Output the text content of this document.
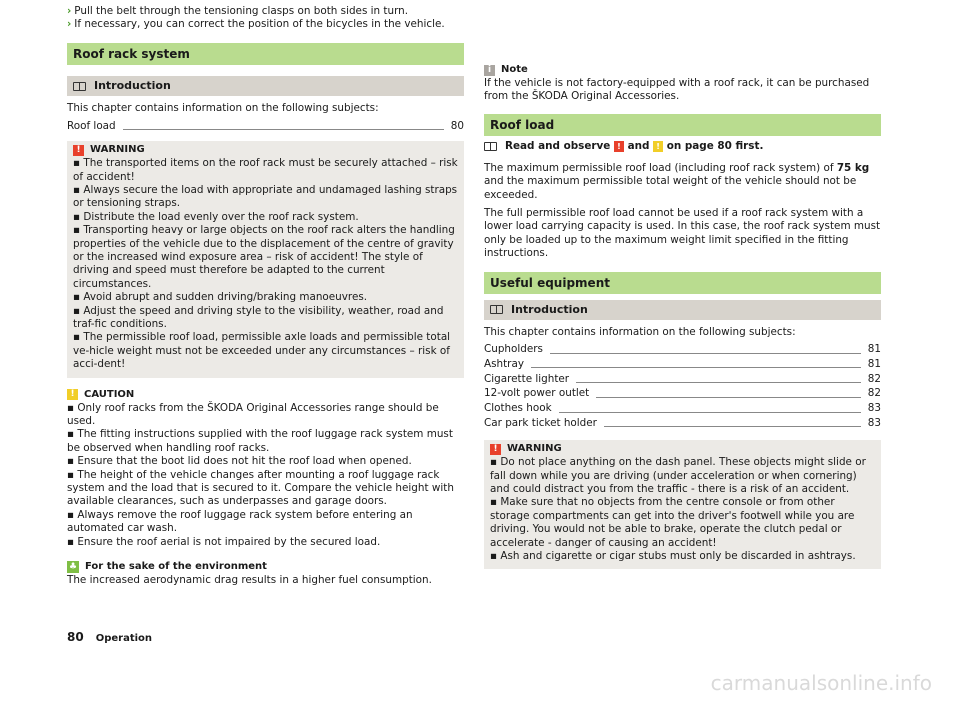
› Pull the belt through the tensioning clasps on both sides in turn.
› If necessary, you can correct the position of the bicycles in the vehicle.
Roof rack system
Introduction

This chapter contains information on the following subjects:

Roof load	80
! WARNING

▪ The transported items on the roof rack must be securely attached – risk of accident!

▪ Always secure the load with appropriate and undamaged lashing straps or tensioning straps.

▪ Distribute the load evenly over the roof rack system.

▪ Transporting heavy or large objects on the roof rack alters the handling properties of the vehicle due to the displacement of the centre of gravity or the increased wind exposure area – risk of accident! The style of driving and speed must therefore be adapted to the current circumstances.

▪ Avoid abrupt and sudden driving/braking manoeuvres.

▪ Adjust the speed and driving style to the visibility, weather, road and traf-fic conditions.

▪ The permissible roof load, permissible axle loads and permissible total ve-hicle weight must not be exceeded under any circumstances – risk of acci-dent!

! CAUTION

▪ Only roof racks from the ŠKODA Original Accessories range should be used.

▪ The fitting instructions supplied with the roof luggage rack system must be observed when handling roof racks.

▪ Ensure that the boot lid does not hit the roof load when opened.

▪ The height of the vehicle changes after mounting a roof luggage rack system and the load that is secured to it. Compare the vehicle height with available clearances, such as underpasses and garage doors.

▪ Always remove the roof luggage rack system before entering an automated car wash.

▪ Ensure the roof aerial is not impaired by the secured load.

♣ For the sake of the environment

The increased aerodynamic drag results in a higher fuel consumption.

i Note

If the vehicle is not factory-equipped with a roof rack, it can be purchased from the ŠKODA Original Accessories.

Roof load
Read and observe
!
and
!
on page 80 first.

The maximum permissible roof load (including roof rack system) of 75 kg and the maximum permissible total weight of the vehicle should not be exceeded.

The full permissible roof load cannot be used if a roof rack system with a lower load carrying capacity is used. In this case, the roof rack system must only be loaded up to the maximum weight limit specified in the fitting instructions.

Useful equipment
Introduction

This chapter contains information on the following subjects:

Cupholders	81
Ashtray	81
Cigarette lighter	82
12-volt power outlet	82
Clothes hook	83
Car park ticket holder	83
! WARNING

▪ Do not place anything on the dash panel. These objects might slide or fall down while you are driving (under acceleration or when cornering) and could distract you from the traffic - there is a risk of an accident.

▪ Make sure that no objects from the centre console or from other storage compartments can get into the driver's footwell while you are driving. You would not be able to brake, operate the clutch pedal or accelerate - danger of causing an accident!

▪ Ash and cigarette or cigar stubs must only be discarded in ashtrays.

80 Operation
carmanualsonline.info
